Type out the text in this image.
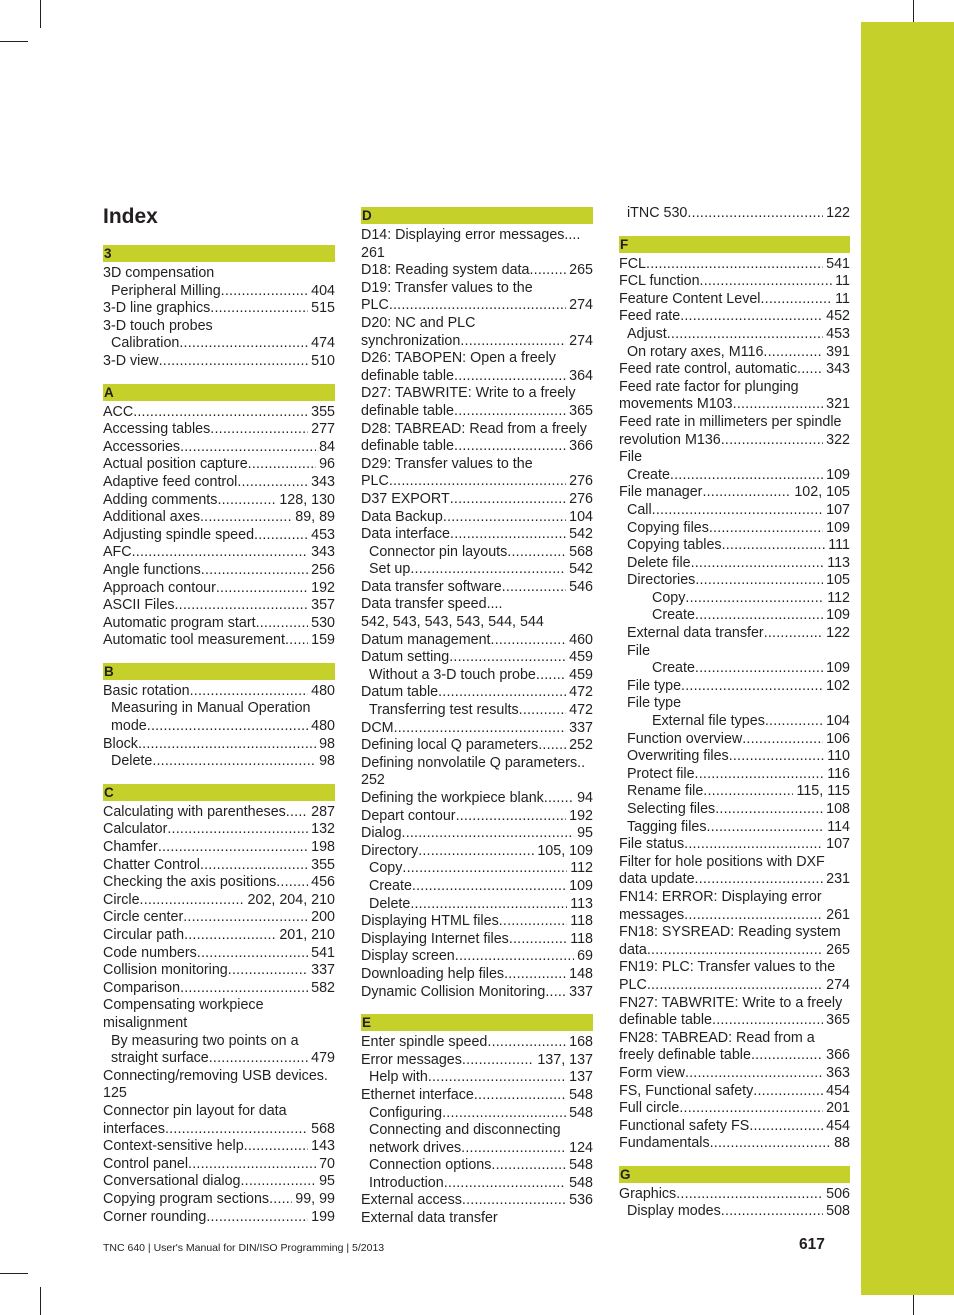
Index
3
3D compensation
Peripheral Milling .....	404
3-D line graphics .....	515
3-D touch probes
Calibration .....	474
3-D view .....	510
A
ACC .....	355
Accessing tables .....	277
Accessories .....	84
Actual position capture .....	96
Adaptive feed control .....	343
Adding comments .....	128, 130
Additional axes .....	89, 89
Adjusting spindle speed .....	453
AFC .....	343
Angle functions .....	256
Approach contour .....	192
ASCII Files .....	357
Automatic program start .....	530
Automatic tool measurement ..... 159
B
Basic rotation .....	480
Measuring in Manual Operation
mode .....	480
Block .....	98
Delete .....	98
C
Calculating with parentheses ..... 287
Calculator .....	132
Chamfer .....	198
Chatter Control .....	355
Checking the axis positions ..... 456
Circle .....	202, 204, 210
Circle center .....	200
Circular path .....	201, 210
Code numbers .....	541
Collision monitoring .....	337
Comparison .....	582
Compensating workpiece
misalignment
By measuring two points on a
straight surface .....	479
Connecting/removing USB devices.
125
Connector pin layout for data
interfaces .....	568
Context-sensitive help .....	143
Control panel .....	70
Conversational dialog .....	95
Copying program sections ..... 99, 99
Corner rounding .....	199
D
D14: Displaying error messages....
261
D18: Reading system data .....	265
D19: Transfer values to the
PLC .....	274
D20: NC and PLC
synchronization .....	274
D26: TABOPEN: Open a freely
definable table .....	364
D27: TABWRITE: Write to a freely
definable table .....	365
D28: TABREAD: Read from a freely
definable table .....	366
D29: Transfer values to the
PLC .....	276
D37 EXPORT .....	276
Data Backup .....	104
Data interface .....	542
Connector pin layouts .....	568
Set up .....	542
Data transfer software .....	546
Data transfer speed....
542, 543, 543, 543, 544, 544
Datum management .....	460
Datum setting .....	459
Without a 3-D touch probe ..... 459
Datum table .....	472
Transferring test results .....	472
DCM .....	337
Defining local Q parameters ..... 252
Defining nonvolatile Q parameters..
252
Defining the workpiece blank ..... 94
Depart contour .....	192
Dialog .....	95
Directory .....	105, 109
Copy .....	112
Create .....	109
Delete .....	113
Displaying HTML files .....	118
Displaying Internet files .....	118
Display screen .....	69
Downloading help files .....	148
Dynamic Collision Monitoring ..... 337
E
Enter spindle speed .....	168
Error messages .....	137, 137
Help with .....	137
Ethernet interface .....	548
Configuring .....	548
Connecting and disconnecting
network drives .....	124
Connection options .....	548
Introduction .....	548
External access .....	536
External data transfer
iTNC 530 .....	122
F
FCL .....	541
FCL function .....	11
Feature Content Level .....	11
Feed rate .....	452
Adjust .....	453
On rotary axes, M116 .....	391
Feed rate control, automatic ..... 343
Feed rate factor for plunging
movements M103 .....	321
Feed rate in millimeters per spindle
revolution M136 .....	322
File
Create .....	109
File manager .....	102, 105
Call .....	107
Copying files .....	109
Copying tables .....	111
Delete file .....	113
Directories .....	105
Copy .....	112
Create .....	109
External data transfer .....	122
File
Create .....	109
File type .....	102
File type
External file types .....	104
Function overview .....	106
Overwriting files .....	110
Protect file .....	116
Rename file .....	115, 115
Selecting files .....	108
Tagging files .....	114
File status .....	107
Filter for hole positions with DXF
data update .....	231
FN14: ERROR: Displaying error
messages .....	261
FN18: SYSREAD: Reading system
data .....	265
FN19: PLC: Transfer values to the
PLC .....	274
FN27: TABWRITE: Write to a freely
definable table .....	365
FN28: TABREAD: Read from a
freely definable table .....	366
Form view .....	363
FS, Functional safety .....	454
Full circle .....	201
Functional safety FS .....	454
Fundamentals .....	88
G
Graphics .....	506
Display modes .....	508
TNC 640 | User's Manual for DIN/ISO Programming | 5/2013	617
